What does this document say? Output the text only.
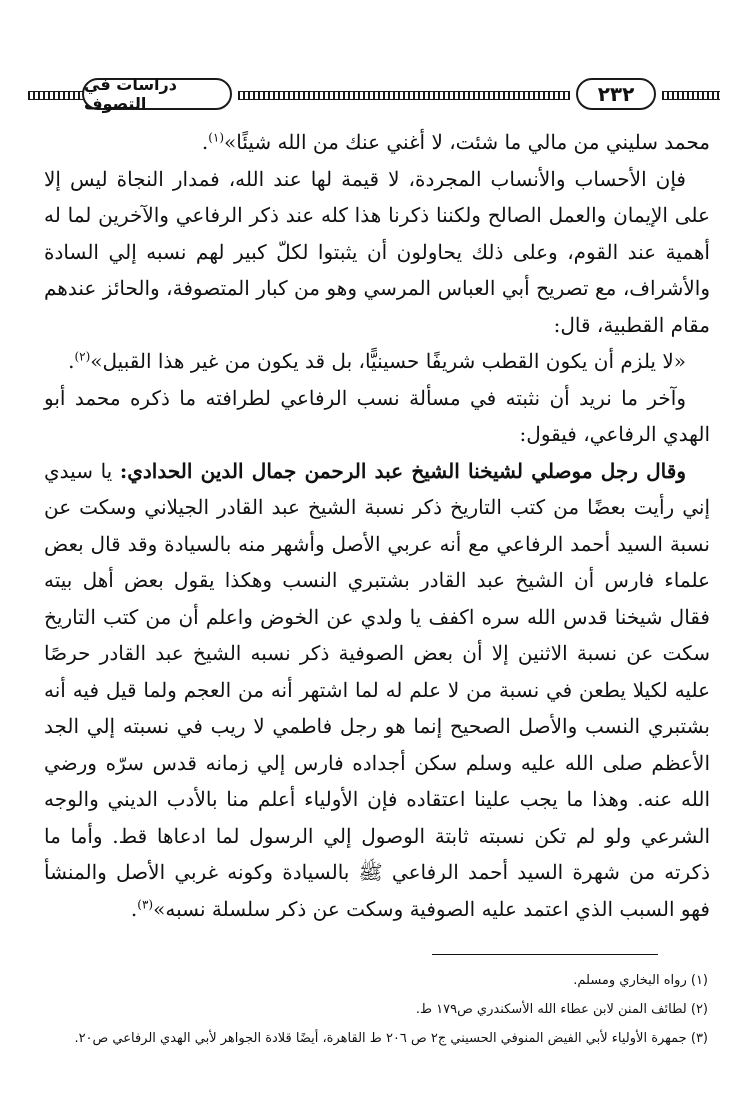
٢٣٢
دراسات في التصوف

محمد سليني من مالي ما شئت، لا أغني عنك من الله شيئًا»$^{(١)}$.

فإن الأحساب والأنساب المجردة، لا قيمة لها عند الله، فمدار النجاة ليس إلا على الإيمان والعمل الصالح ولكننا ذكرنا هذا كله عند ذكر الرفاعي والآخرين لما له أهمية عند القوم، وعلى ذلك يحاولون أن يثبتوا لكلّ كبير لهم نسبه إلي السادة والأشراف، مع تصريح أبي العباس المرسي وهو من كبار المتصوفة، والحائز عندهم مقام القطبية، قال:

«لا يلزم أن يكون القطب شريفًا حسينيًّا، بل قد يكون من غير هذا القبيل»$^{(٢)}$.

وآخر ما نريد أن نثبته في مسألة نسب الرفاعي لطرافته ما ذكره محمد أبو الهدي الرفاعي، فيقول:

وقال رجل موصلي لشيخنا الشيخ عبد الرحمن جمال الدين الحدادي: يا سيدي إني رأيت بعضًا من كتب التاريخ ذكر نسبة الشيخ عبد القادر الجيلاني وسكت عن نسبة السيد أحمد الرفاعي مع أنه عربي الأصل وأشهر منه بالسيادة وقد قال بعض علماء فارس أن الشيخ عبد القادر بشتبري النسب وهكذا يقول بعض أهل بيته فقال شيخنا قدس الله سره اكفف يا ولدي عن الخوض واعلم أن من كتب التاريخ سكت عن نسبة الاثنين إلا أن بعض الصوفية ذكر نسبه الشيخ عبد القادر حرصًا عليه لكيلا يطعن في نسبة من لا علم له لما اشتهر أنه من العجم ولما قيل فيه أنه بشتبري النسب والأصل الصحيح إنما هو رجل فاطمي لا ريب في نسبته إلي الجد الأعظم صلى الله عليه وسلم سكن أجداده فارس إلي زمانه قدس سرّه ورضي الله عنه. وهذا ما يجب علينا اعتقاده فإن الأولياء أعلم منا بالأدب الديني والوجه الشرعي ولو لم تكن نسبته ثابتة الوصول إلي الرسول لما ادعاها قط. وأما ما ذكرته من شهرة السيد أحمد الرفاعي ﷺ بالسيادة وكونه غربي الأصل والمنشأ فهو السبب الذي اعتمد عليه الصوفية وسكت عن ذكر سلسلة نسبه»$^{(٣)}$.

(١) رواه البخاري ومسلم.
(٢) لطائف المنن لابن عطاء الله الأسكندري ص١٧٩ ط.
(٣) جمهرة الأولياء لأبي الفيض المنوفي الحسيني ج٢ ص ٢٠٦ ط القاهرة، أيضًا قلادة الجواهر لأبي الهدي الرفاعي ص٢٠.
